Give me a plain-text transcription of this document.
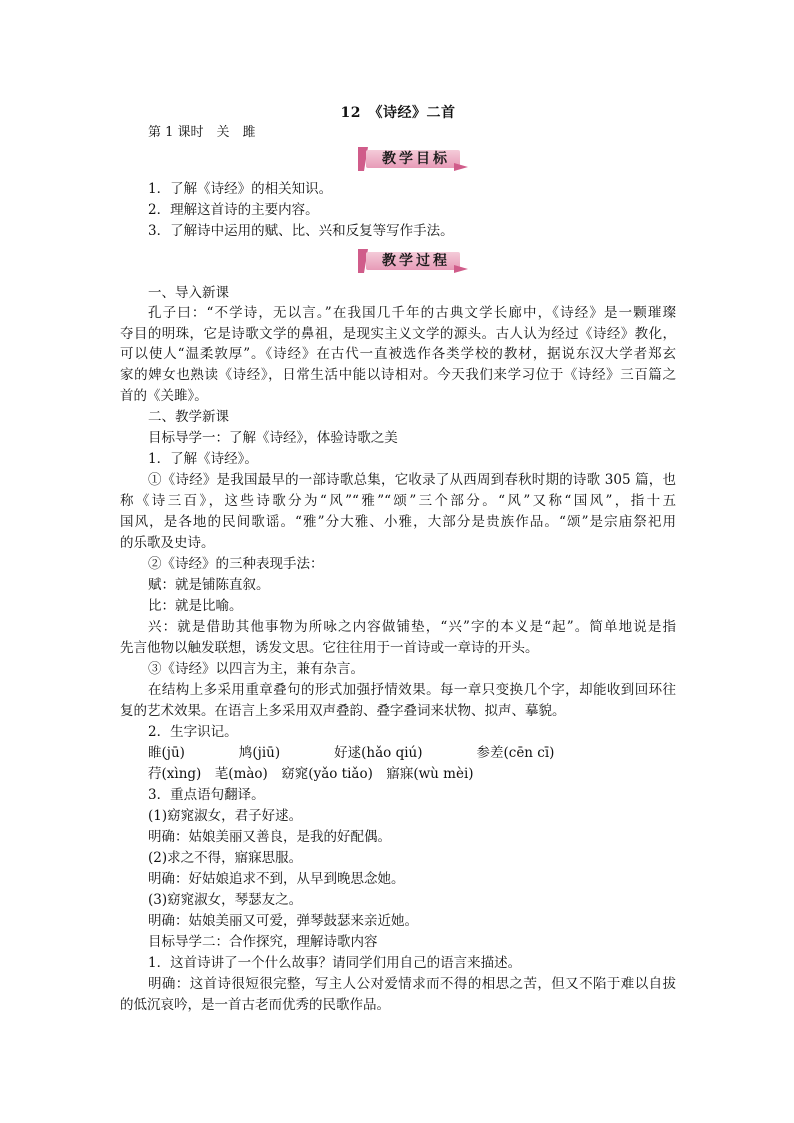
12　《诗经》二首
第 1 课时　关　雎
教学目标
1．了解《诗经》的相关知识。
2．理解这首诗的主要内容。
3．了解诗中运用的赋、比、兴和反复等写作手法。
教学过程
一、导入新课
孔子曰：“不学诗，无以言。”在我国几千年的古典文学长廊中，《诗经》是一颗璀璨
夺目的明珠，它是诗歌文学的鼻祖，是现实主义文学的源头。古人认为经过《诗经》教化，
可以使人“温柔敦厚”。《诗经》在古代一直被选作各类学校的教材，据说东汉大学者郑玄
家的婢女也熟读《诗经》，日常生活中能以诗相对。今天我们来学习位于《诗经》三百篇之
首的《关雎》。
二、教学新课
目标导学一：了解《诗经》，体验诗歌之美
1．了解《诗经》。
①《诗经》是我国最早的一部诗歌总集，它收录了从西周到春秋时期的诗歌 305 篇，也
称《诗三百》，这些诗歌分为“风”“雅”“颂”三个部分。“风”又称“国风”，指十五
国风，是各地的民间歌谣。“雅”分大雅、小雅，大部分是贵族作品。“颂”是宗庙祭祀用
的乐歌及史诗。
②《诗经》的三种表现手法：
赋：就是铺陈直叙。
比：就是比喻。
兴：就是借助其他事物为所咏之内容做铺垫，“兴”字的本义是“起”。简单地说是指
先言他物以触发联想，诱发文思。它往往用于一首诗或一章诗的开头。
③《诗经》以四言为主，兼有杂言。
在结构上多采用重章叠句的形式加强抒情效果。每一章只变换几个字，却能收到回环往
复的艺术效果。在语言上多采用双声叠韵、叠字叠词来状物、拟声、摹貌。
2．生字识记。
睢(jū)　　　　鸠(jiū)　　　　好逑(hǎo qiú)　　　　参差(cēn cī)
荇(xìng)　芼(mào)　窈窕(yǎo tiǎo)　寤寐(wù mèi)
3．重点语句翻译。
(1)窈窕淑女，君子好逑。
明确：姑娘美丽又善良，是我的好配偶。
(2)求之不得，寤寐思服。
明确：好姑娘追求不到，从早到晚思念她。
(3)窈窕淑女，琴瑟友之。
明确：姑娘美丽又可爱，弹琴鼓瑟来亲近她。
目标导学二：合作探究，理解诗歌内容
1．这首诗讲了一个什么故事？请同学们用自己的语言来描述。
明确：这首诗很短很完整，写主人公对爱情求而不得的相思之苦，但又不陷于难以自拔
的低沉哀吟，是一首古老而优秀的民歌作品。
